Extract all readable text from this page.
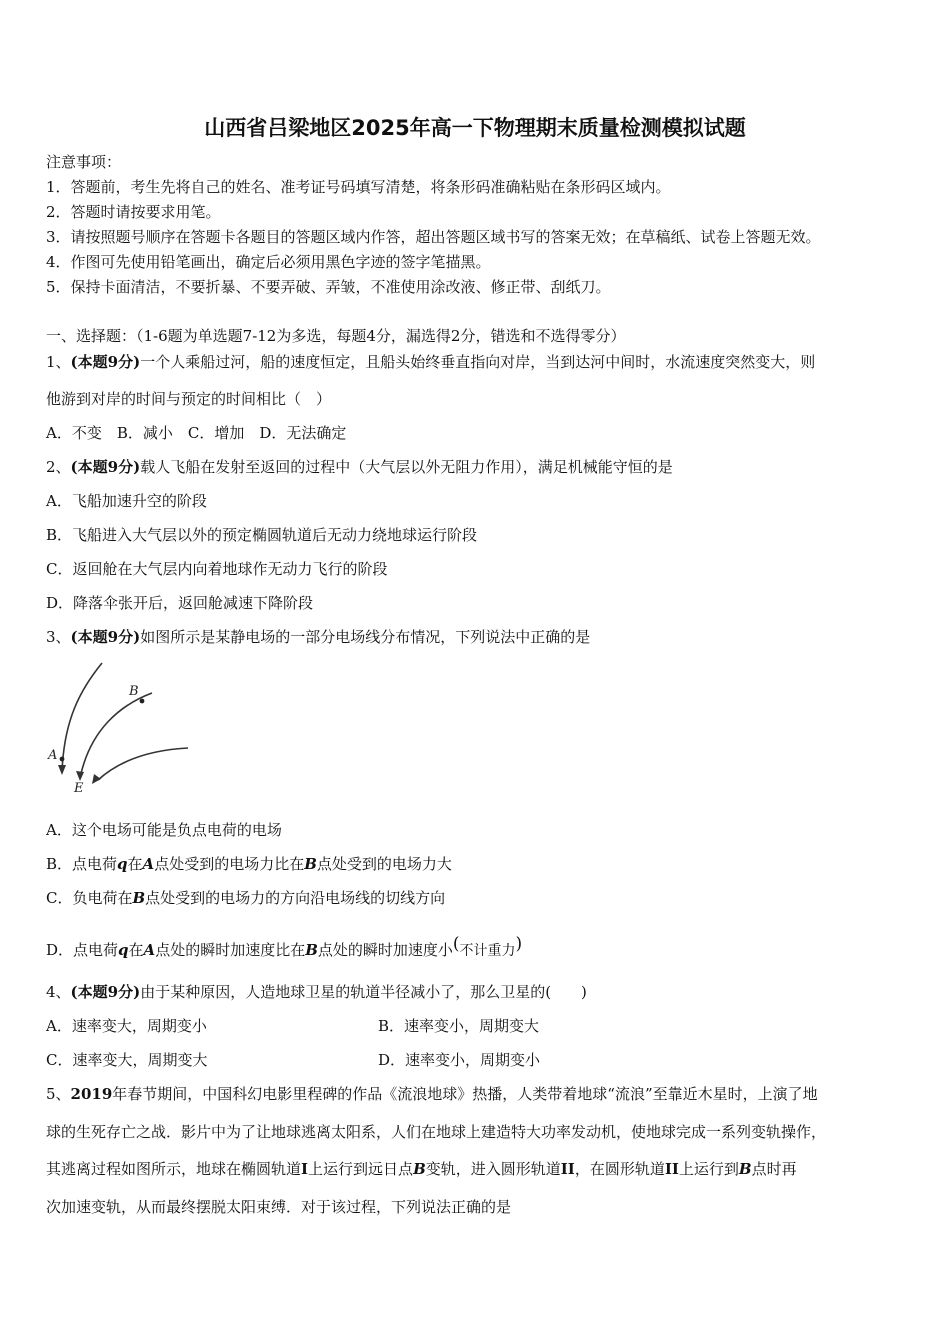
山西省吕梁地区2025年高一下物理期末质量检测模拟试题
注意事项：
1．答题前，考生先将自己的姓名、准考证号码填写清楚，将条形码准确粘贴在条形码区域内。
2．答题时请按要求用笔。
3．请按照题号顺序在答题卡各题目的答题区域内作答，超出答题区域书写的答案无效；在草稿纸、试卷上答题无效。
4．作图可先使用铅笔画出，确定后必须用黑色字迹的签字笔描黑。
5．保持卡面清洁，不要折暴、不要弄破、弄皱，不准使用涂改液、修正带、刮纸刀。
一、选择题：（1-6题为单选题7-12为多选，每题4分，漏选得2分，错选和不选得零分）
1、(本题9分)一个人乘船过河，船的速度恒定，且船头始终垂直指向对岸，当到达河中间时，水流速度突然变大，则
他游到对岸的时间与预定的时间相比（　）
A．不变　B．减小　C．增加　D．无法确定
2、(本题9分)载人飞船在发射至返回的过程中（大气层以外无阻力作用），满足机械能守恒的是
A．飞船加速升空的阶段
B．飞船进入大气层以外的预定椭圆轨道后无动力绕地球运行阶段
C．返回舱在大气层内向着地球作无动力飞行的阶段
D．降落伞张开后，返回舱减速下降阶段
3、(本题9分)如图所示是某静电场的一部分电场线分布情况，下列说法中正确的是
A
B
E
A．这个电场可能是负点电荷的电场
B．点电荷q在A点处受到的电场力比在B点处受到的电场力大
C．负电荷在B点处受到的电场力的方向沿电场线的切线方向
D．点电荷q在A点处的瞬时加速度比在B点处的瞬时加速度小(不计重力)
4、(本题9分)由于某种原因，人造地球卫星的轨道半径减小了，那么卫星的(　　)
A．速率变大，周期变小	B．速率变小，周期变大
C．速率变大，周期变大	D．速率变小，周期变小
5、2019年春节期间，中国科幻电影里程碑的作品《流浪地球》热播，人类带着地球“流浪”至靠近木星时，上演了地
球的生死存亡之战．影片中为了让地球逃离太阳系，人们在地球上建造特大功率发动机，使地球完成一系列变轨操作，
其逃离过程如图所示，地球在椭圆轨道I上运行到远日点B变轨，进入圆形轨道II，在圆形轨道II上运行到B点时再
次加速变轨，从而最终摆脱太阳束缚．对于该过程，下列说法正确的是
